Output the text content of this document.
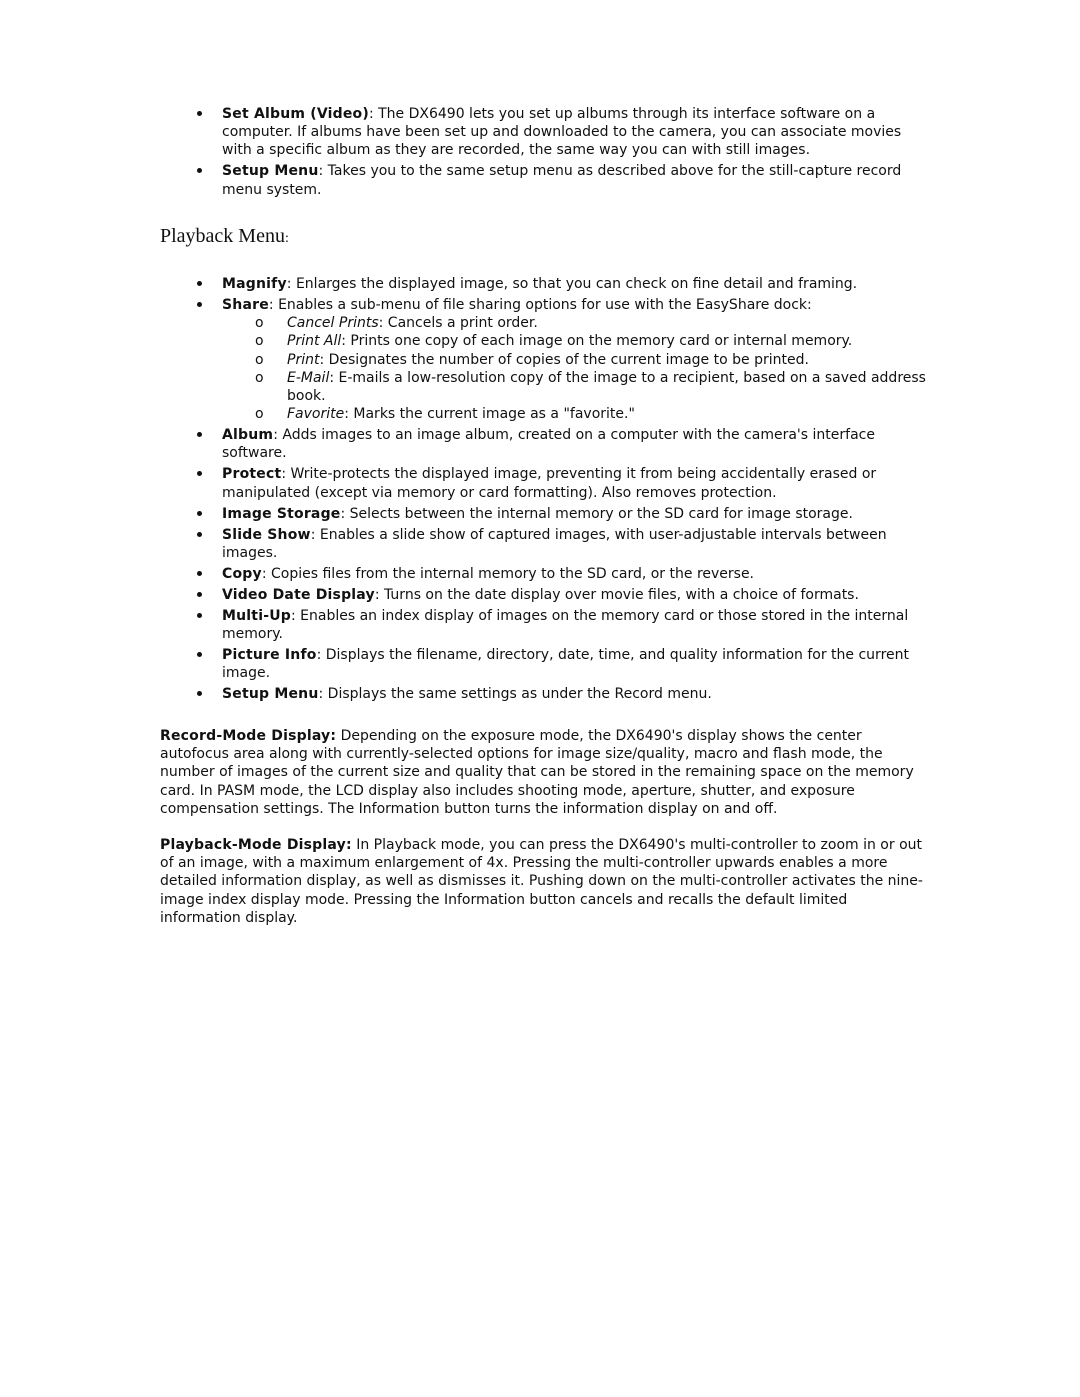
Set Album (Video): The DX6490 lets you set up albums through its interface software on a computer. If albums have been set up and downloaded to the camera, you can associate movies with a specific album as they are recorded, the same way you can with still images.
Setup Menu: Takes you to the same setup menu as described above for the still-capture record menu system.
Playback Menu:
Magnify: Enlarges the displayed image, so that you can check on fine detail and framing.
Share: Enables a sub-menu of file sharing options for use with the EasyShare dock:
o Cancel Prints: Cancels a print order.
o Print All: Prints one copy of each image on the memory card or internal memory.
o Print: Designates the number of copies of the current image to be printed.
o E-Mail: E-mails a low-resolution copy of the image to a recipient, based on a saved address book.
o Favorite: Marks the current image as a "favorite."
Album: Adds images to an image album, created on a computer with the camera's interface software.
Protect: Write-protects the displayed image, preventing it from being accidentally erased or manipulated (except via memory or card formatting). Also removes protection.
Image Storage: Selects between the internal memory or the SD card for image storage.
Slide Show: Enables a slide show of captured images, with user-adjustable intervals between images.
Copy: Copies files from the internal memory to the SD card, or the reverse.
Video Date Display: Turns on the date display over movie files, with a choice of formats.
Multi-Up: Enables an index display of images on the memory card or those stored in the internal memory.
Picture Info: Displays the filename, directory, date, time, and quality information for the current image.
Setup Menu: Displays the same settings as under the Record menu.

Record-Mode Display: Depending on the exposure mode, the DX6490's display shows the center autofocus area along with currently-selected options for image size/quality, macro and flash mode, the number of images of the current size and quality that can be stored in the remaining space on the memory card. In PASM mode, the LCD display also includes shooting mode, aperture, shutter, and exposure compensation settings. The Information button turns the information display on and off.

Playback-Mode Display: In Playback mode, you can press the DX6490's multi-controller to zoom in or out of an image, with a maximum enlargement of 4x. Pressing the multi-controller upwards enables a more detailed information display, as well as dismisses it. Pushing down on the multi-controller activates the nine-image index display mode. Pressing the Information button cancels and recalls the default limited information display.
